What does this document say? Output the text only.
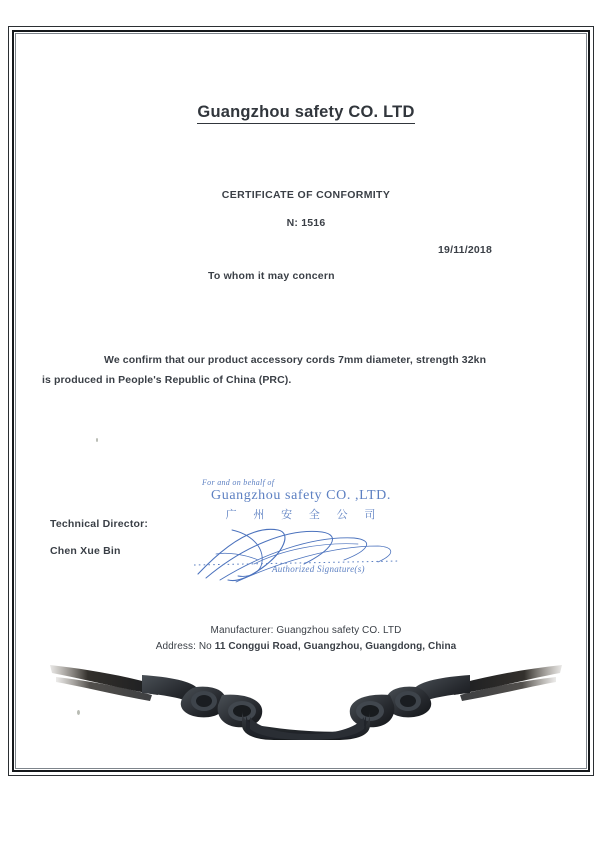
Guangzhou safety CO. LTD
CERTIFICATE OF CONFORMITY
N: 1516
19/11/2018
To whom it may concern
We confirm that our product accessory cords 7mm diameter, strength 32kn
is produced in People's Republic of China (PRC).
Technical Director:
Chen Xue Bin
For and on behalf of
Guangzhou safety CO. ,LTD.
广 州 安 全 公 司
Authorized Signature(s)
Manufacturer: Guangzhou safety CO. LTD
Address: No 11 Conggui Road, Guangzhou, Guangdong, China
